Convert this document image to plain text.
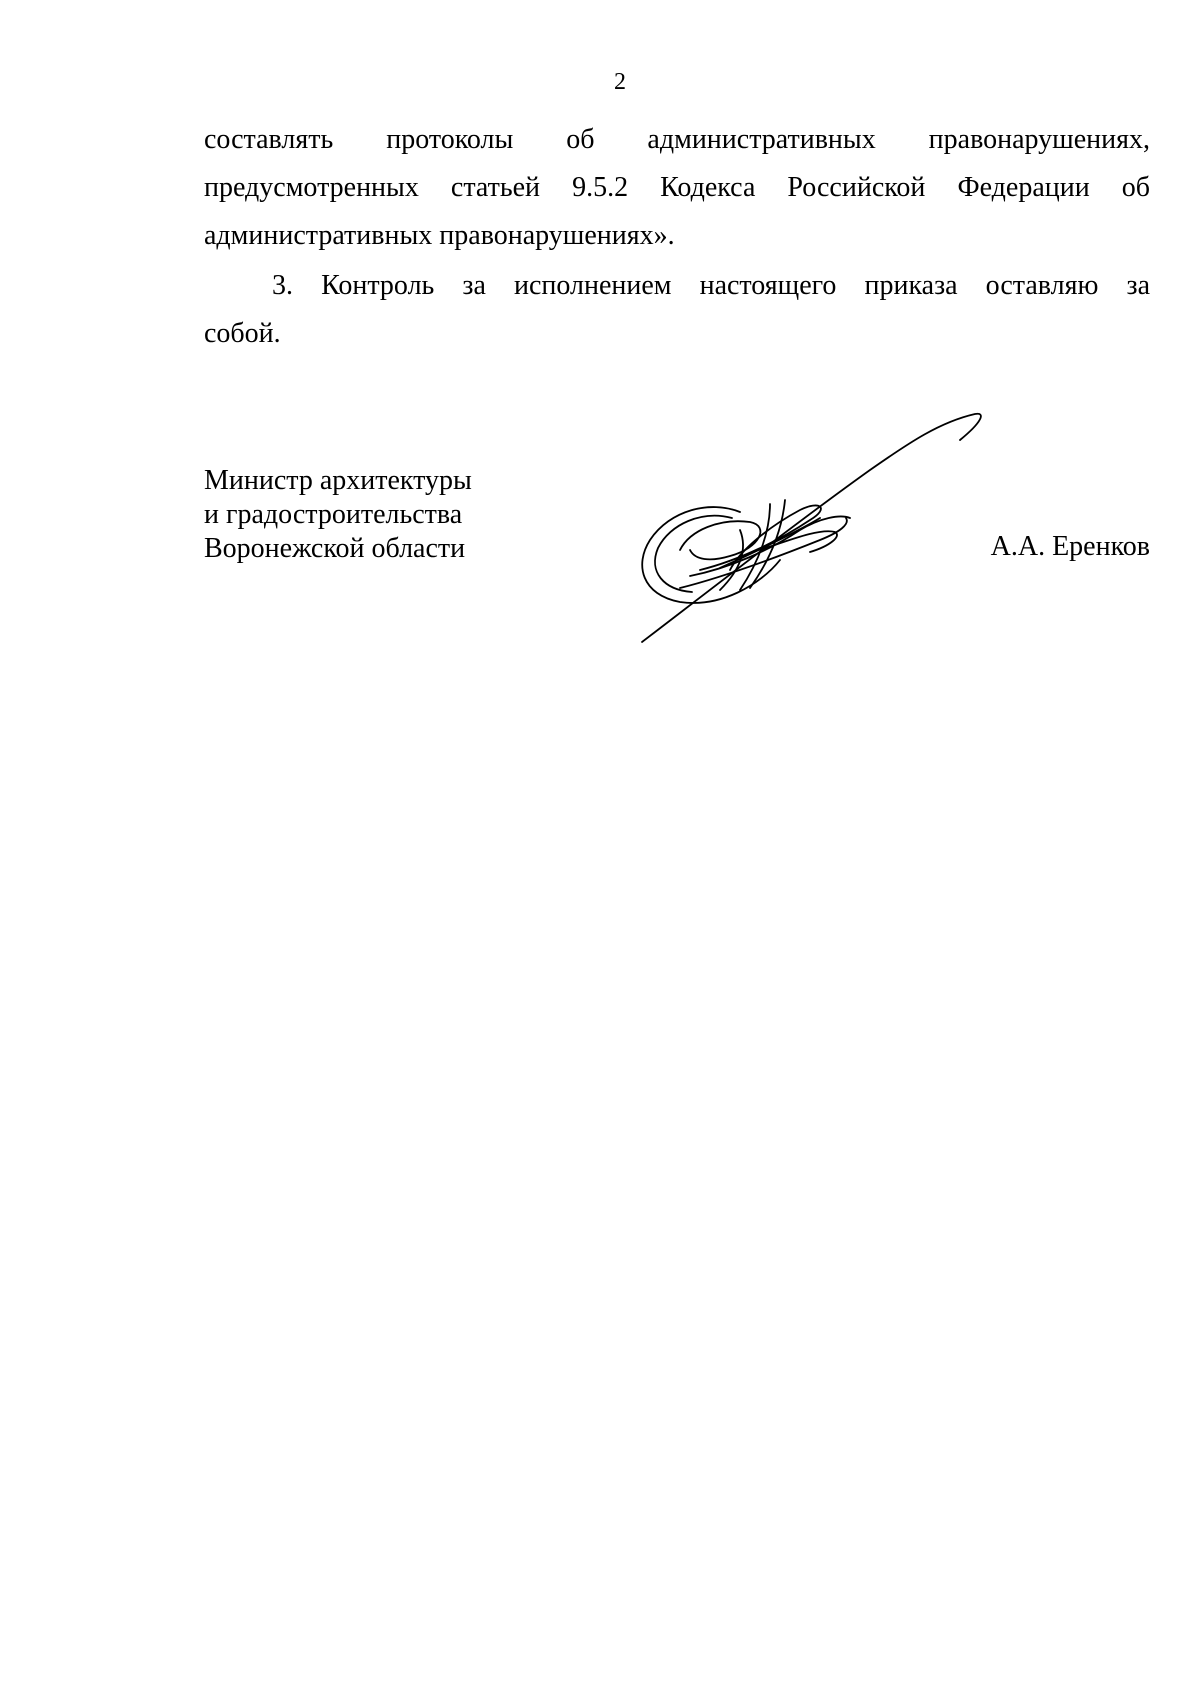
2

составлять протоколы об административных правонарушениях,
предусмотренных статьей 9.5.2 Кодекса Российской Федерации об
административных правонарушениях».

3. Контроль за исполнением настоящего приказа оставляю за
собой.

Министр архитектуры
и градостроительства
Воронежской области	А.А. Еренков
